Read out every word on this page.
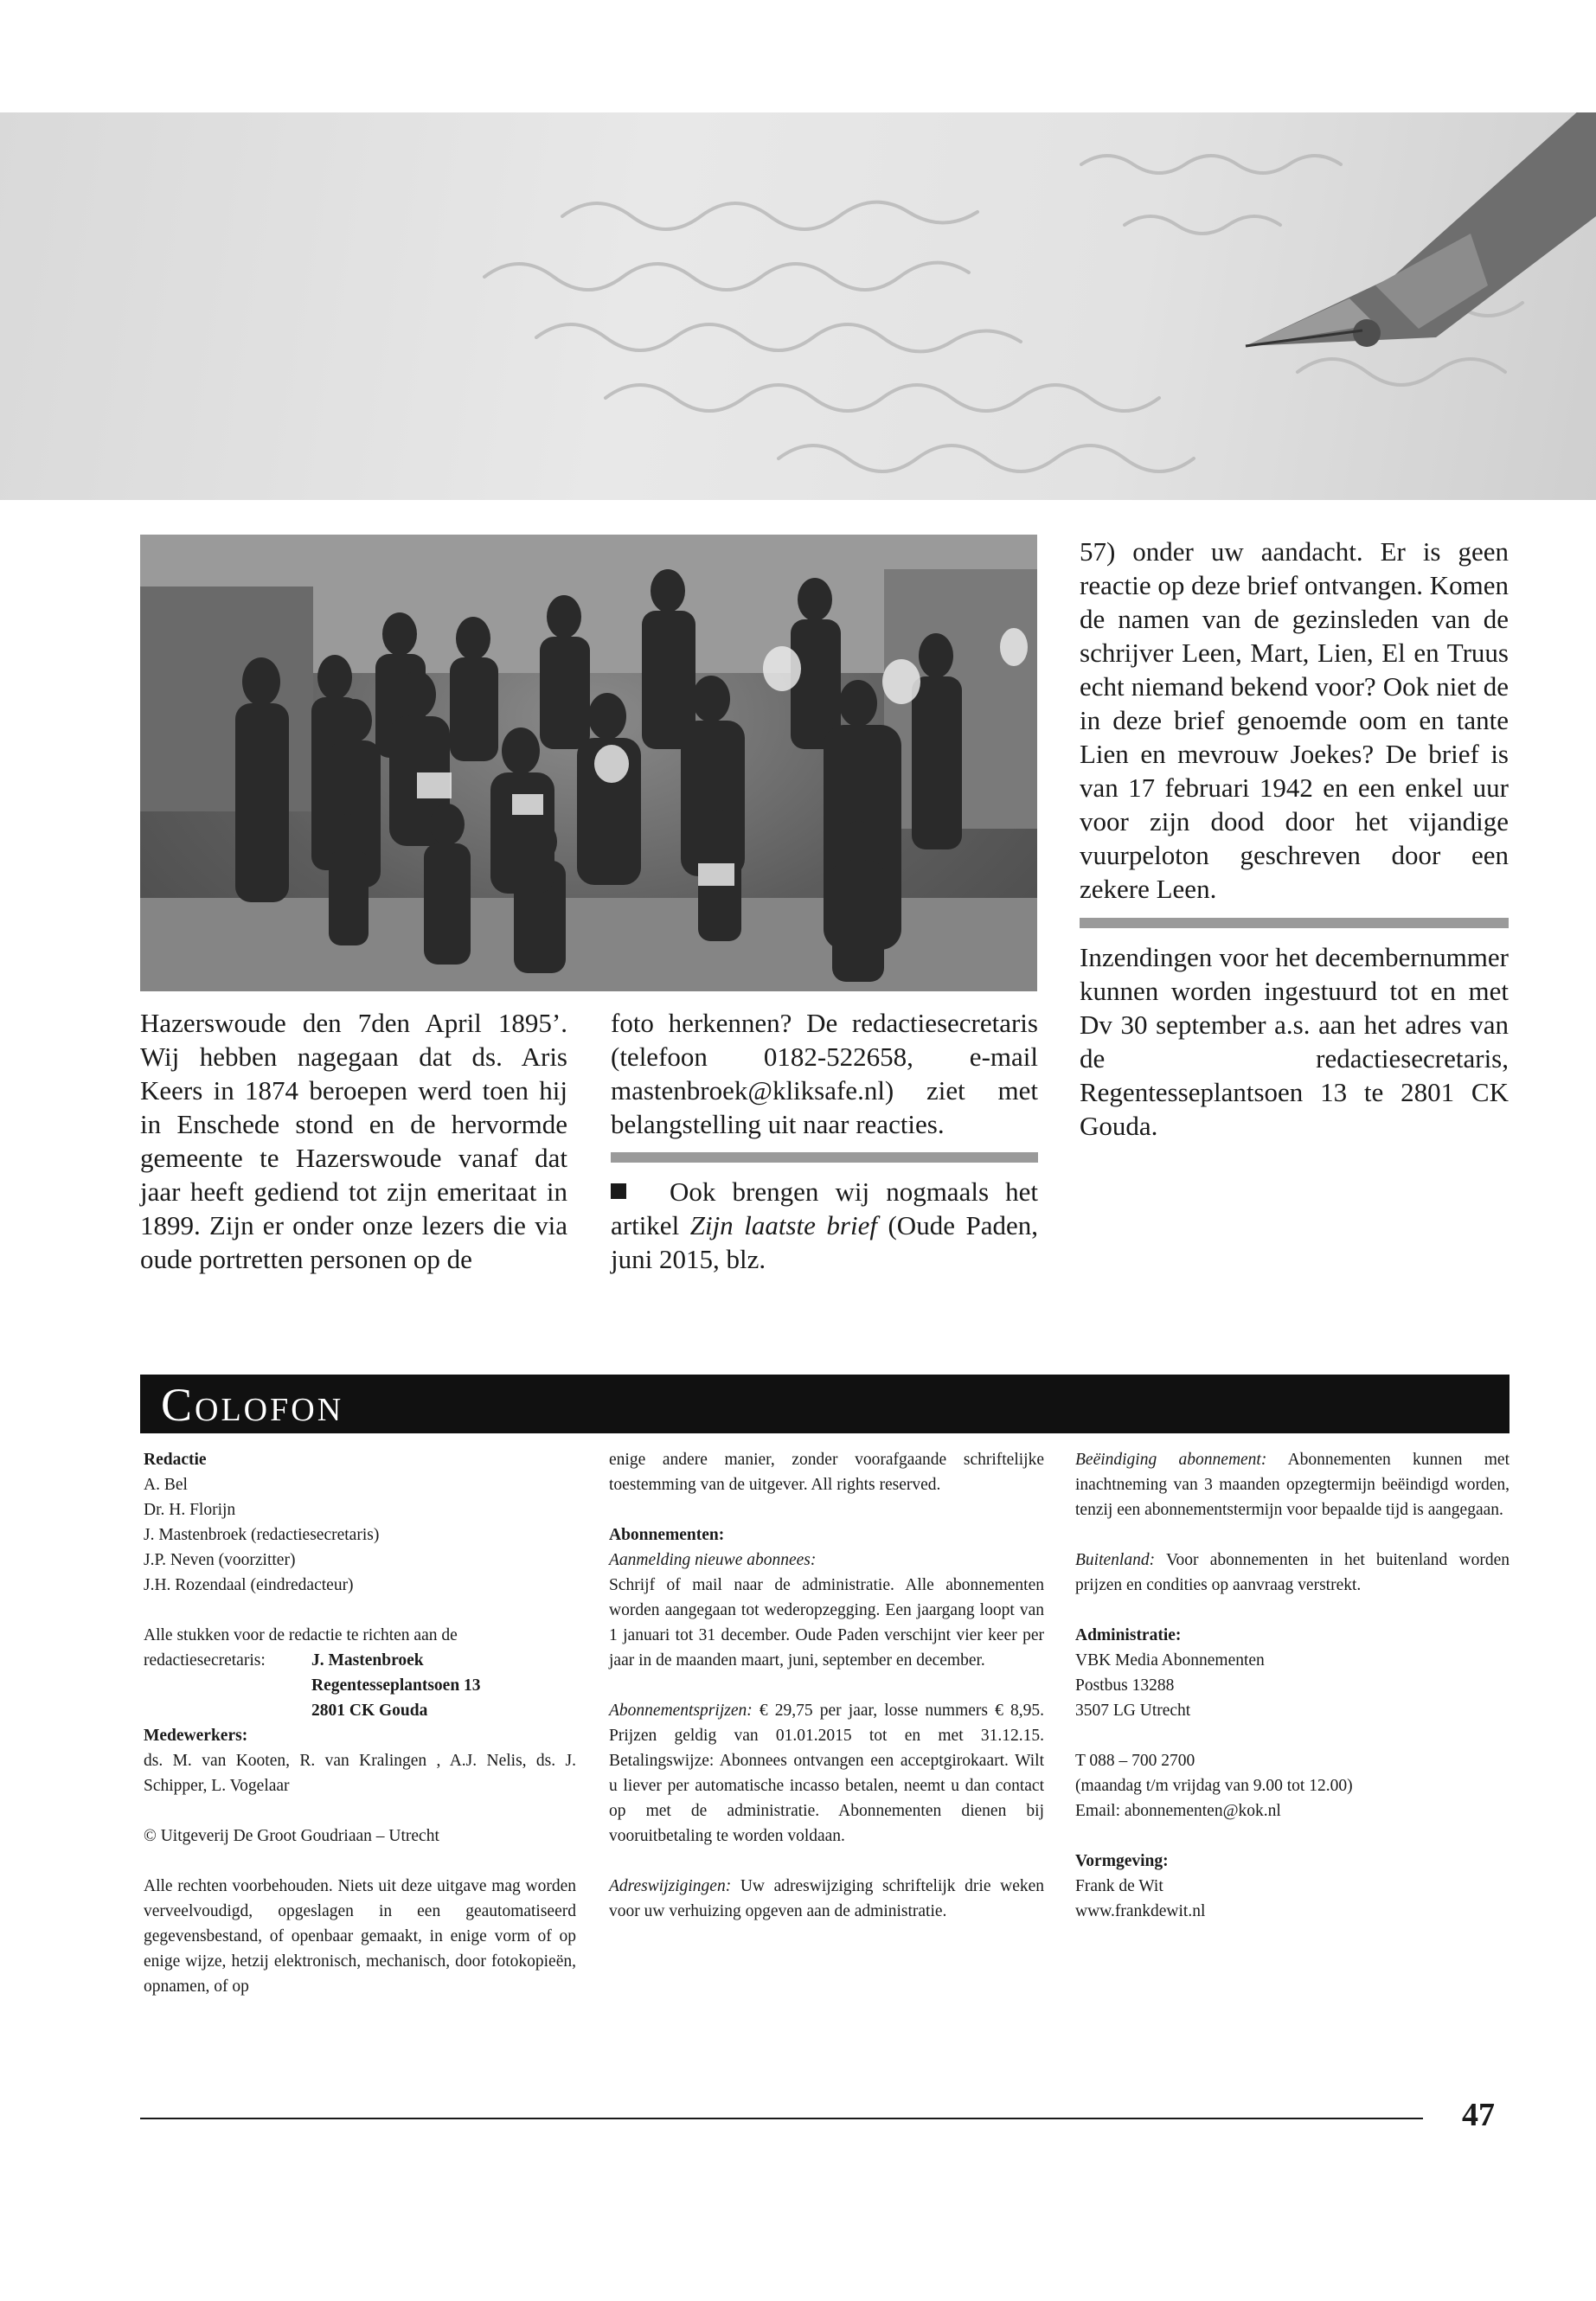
Hazerswoude den 7den April 1895’. Wij hebben nagegaan dat ds. Aris Keers in 1874 beroepen werd toen hij in Enschede stond en de hervormde gemeente te Hazerswoude vanaf dat jaar heeft gediend tot zijn emeritaat in 1899. Zijn er onder onze lezers die via oude portretten personen op de

foto herkennen? De redactiesecretaris (telefoon 0182-522658, e-mail mastenbroek@kliksafe.nl) ziet met belangstelling uit naar reacties.

Ook brengen wij nogmaals het artikel Zijn laatste brief (Oude Paden, juni 2015, blz.

57) onder uw aandacht. Er is geen reactie op deze brief ontvangen. Komen de namen van de gezinsleden van de schrijver Leen, Mart, Lien, El en Truus echt niemand bekend voor? Ook niet de in deze brief genoemde oom en tante Lien en mevrouw Joekes? De brief is van 17 februari 1942 en een enkel uur voor zijn dood door het vijandige vuurpeloton geschreven door een zekere Leen.

Inzendingen voor het decembernummer kunnen worden ingestuurd tot en met Dv 30 september a.s. aan het adres van de redactiesecretaris, Regentesseplantsoen 13 te 2801 CK Gouda.

Colofon
Redactie
A. Bel
Dr. H. Florijn
J. Mastenbroek (redactiesecretaris)
J.P. Neven (voorzitter)
J.H. Rozendaal (eindredacteur)
Alle stukken voor de redactie te richten aan de
redactiesecretaris:	J. Mastenbroek
Regentesseplantsoen 13
2801 CK Gouda
Medewerkers:
ds. M. van Kooten, R. van Kralingen , A.J. Nelis, ds. J. Schipper, L. Vogelaar
© Uitgeverij De Groot Goudriaan – Utrecht
Alle rechten voorbehouden. Niets uit deze uitgave mag worden verveelvoudigd, opgeslagen in een geautomatiseerd gegevensbestand, of openbaar gemaakt, in enige vorm of op enige wijze, hetzij elektronisch, mechanisch, door fotokopieën, opnamen, of op
enige andere manier, zonder voorafgaande schriftelijke toestemming van de uitgever. All rights reserved.
Abonnementen:
Aanmelding nieuwe abonnees:
Schrijf of mail naar de administratie. Alle abonnementen worden aangegaan tot wederopzegging. Een jaargang loopt van 1 januari tot 31 december. Oude Paden verschijnt vier keer per jaar in de maanden maart, juni, september en december.
Abonnementsprijzen: € 29,75 per jaar, losse nummers € 8,95. Prijzen geldig van 01.01.2015 tot en met 31.12.15. Betalingswijze: Abonnees ontvangen een acceptgirokaart. Wilt u liever per automatische incasso betalen, neemt u dan contact op met de administratie. Abonnementen dienen bij vooruitbetaling te worden voldaan.
Adreswijzigingen: Uw adreswijziging schriftelijk drie weken voor uw verhuizing opgeven aan de administratie.
Beëindiging abonnement: Abonnementen kunnen met inachtneming van 3 maanden opzegtermijn beëindigd worden, tenzij een abonnementstermijn voor bepaalde tijd is aangegaan.
Buitenland: Voor abonnementen in het buitenland worden prijzen en condities op aanvraag verstrekt.
Administratie:
VBK Media Abonnementen
Postbus 13288
3507 LG Utrecht
T 088 – 700 2700
(maandag t/m vrijdag van 9.00 tot 12.00)
Email: abonnementen@kok.nl
Vormgeving:
Frank de Wit
www.frankdewit.nl
47
